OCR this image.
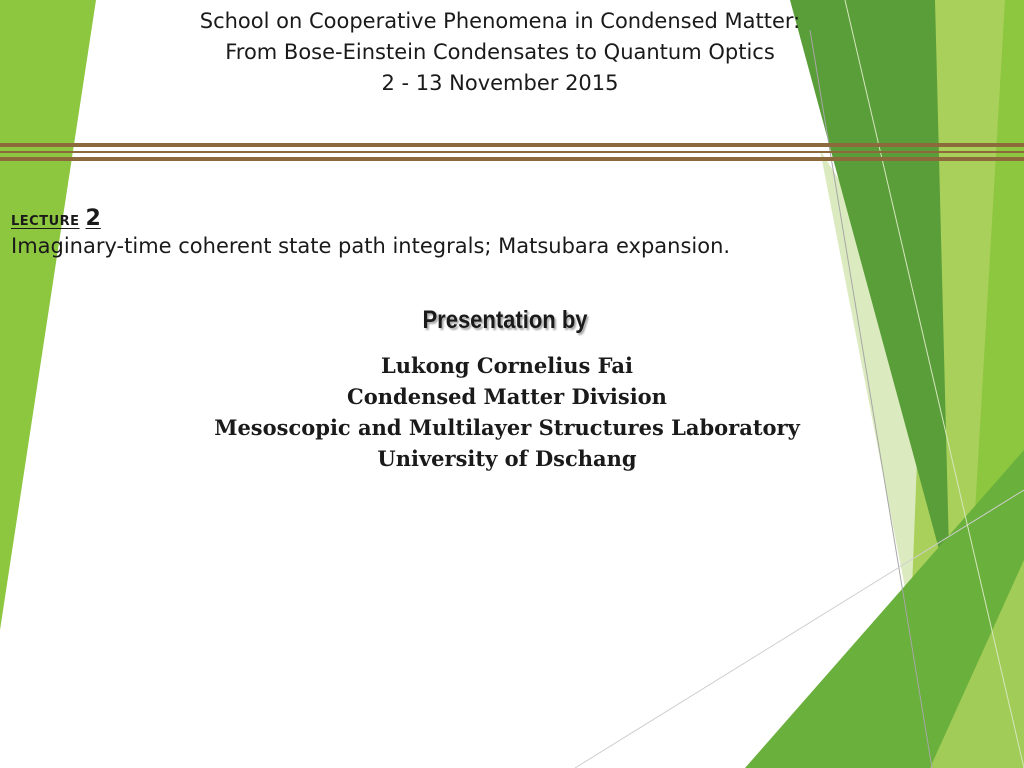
School on Cooperative Phenomena in Condensed Matter:
From Bose-Einstein Condensates to Quantum Optics
2 - 13 November 2015
LECTURE 2
Imaginary-time coherent state path integrals; Matsubara expansion.
Presentation by
Lukong Cornelius Fai
Condensed Matter Division
Mesoscopic and Multilayer Structures Laboratory
University of Dschang
